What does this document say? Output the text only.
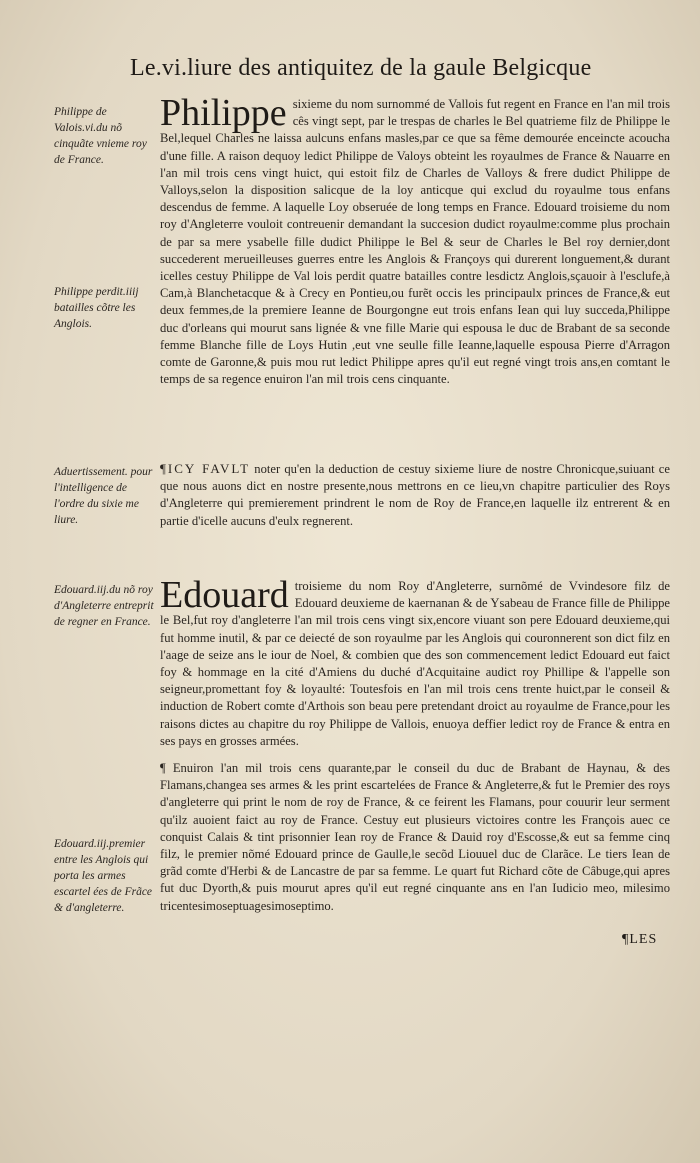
Le.vi.liure des antiquitez de la gaule Belgicque
Philippe de Valois.vi.du nõ cinquãte vnieme roy de France.
Philippe perdit.iiij batailles cõtre les Anglois.
Aduertissement. pour l'intelligence de l'ordre du sixie me liure.
Edouard.iij.du nõ roy d'Angleterre entreprit de regner en France.
Edouard.iij.premier entre les Anglois qui porta les armes escartel ées de Frãce & d'angleterre.
Philippe sixieme du nom surnommé de Vallois fut regent en France en l'an mil trois cês vingt sept, par le trespas de charles le Bel quatrieme filz de Philippe le Bel,lequel Charles ne laissa aulcuns enfans masles,par ce que sa fême demourée enceincte acoucha d'une fille. A raison dequoy ledict Philippe de Valoys obteint les royaulmes de France & Nauarre en l'an mil trois cens vingt huict, qui estoit filz de Charles de Valloys & frere dudict Philippe de Valloys,selon la disposition salicque de la loy anticque qui exclud du royaulme tous enfans descendus de femme. A laquelle Loy obseruée de long temps en France. Edouard troisieme du nom roy d'Angleterre vouloit contreuenir demandant la succesion dudict royaulme:comme plus prochain de par sa mere ysabelle fille dudict Philippe le Bel & seur de Charles le Bel roy dernier,dont succederent merueilleuses guerres entre les Anglois & Françoys qui durerent longuement,& durant icelles cestuy Philippe de Val lois perdit quatre batailles contre lesdictz Anglois,sçauoir à l'esclufe,à Cam,à Blanchetacque & à Crecy en Pontieu,ou furẽt occis les principaulx princes de France,& eut deux femmes,de la premiere Ieanne de Bourgongne eut trois enfans Iean qui luy succeda,Philippe duc d'orleans qui mourut sans lignée & vne fille Marie qui espousa le duc de Brabant de sa seconde femme Blanche fille de Loys Hutin ,eut vne seulle fille Ieanne,laquelle espousa Pierre d'Arragon comte de Garonne,& puis mou rut ledict Philippe apres qu'il eut regné vingt trois ans,en comtant le temps de sa regence enuiron l'an mil trois cens cinquante.
¶ICY FAVLT noter qu'en la deduction de cestuy sixieme liure de nostre Chronicque,suiuant ce que nous auons dict en nostre presente,nous mettrons en ce lieu,vn chapitre particulier des Roys d'Angleterre qui premierement prindrent le nom de Roy de France,en laquelle ilz entrerent & en partie d'icelle aucuns d'eulx regnerent.
Edouard troisieme du nom Roy d'Angleterre, surnõmé de Vvindesore filz de Edouard deuxieme de kaernanan & de Ysabeau de France fille de Philippe le Bel,fut roy d'angleterre l'an mil trois cens vingt six,encore viuant son pere Edouard deuxieme,qui fut homme inutil, & par ce deiecté de son royaulme par les Anglois qui couronnerent son dict filz en l'aage de seize ans le iour de Noel, & combien que des son commencement ledict Edouard eut faict foy & hommage en la cité d'Amiens du duché d'Acquitaine audict roy Phillipe & l'appelle son seigneur,promettant foy & loyaulté: Toutesfois en l'an mil trois cens trente huict,par le conseil & induction de Robert comte d'Arthois son beau pere pretendant droict au royaulme de France,pour les raisons dictes au chapitre du roy Philippe de Vallois, enuoya deffier ledict roy de France & entra en ses pays en grosses armées.
¶ Enuiron l'an mil trois cens quarante,par le conseil du duc de Brabant de Haynau, & des Flamans,changea ses armes & les print escartelées de France & Angleterre,& fut le Premier des roys d'angleterre qui print le nom de roy de France, & ce feirent les Flamans, pour couurir leur serment qu'ilz auoient faict au roy de France. Cestuy eut plusieurs victoires contre les François auec ce conquist Calais & tint prisonnier Iean roy de France & Dauid roy d'Escosse,& eut sa femme cinq filz, le premier nõmé Edouard prince de Gaulle,le secõd Liouuel duc de Clarãce. Le tiers Iean de grãd comte d'Herbi & de Lancastre de par sa femme. Le quart fut Richard cõte de Câbuge,qui apres fut duc Dyorth,& puis mourut apres qu'il eut regné cinquante ans en l'an Iudicio meo, milesimo tricentesimoseptuagesimoseptimo.
¶LES
